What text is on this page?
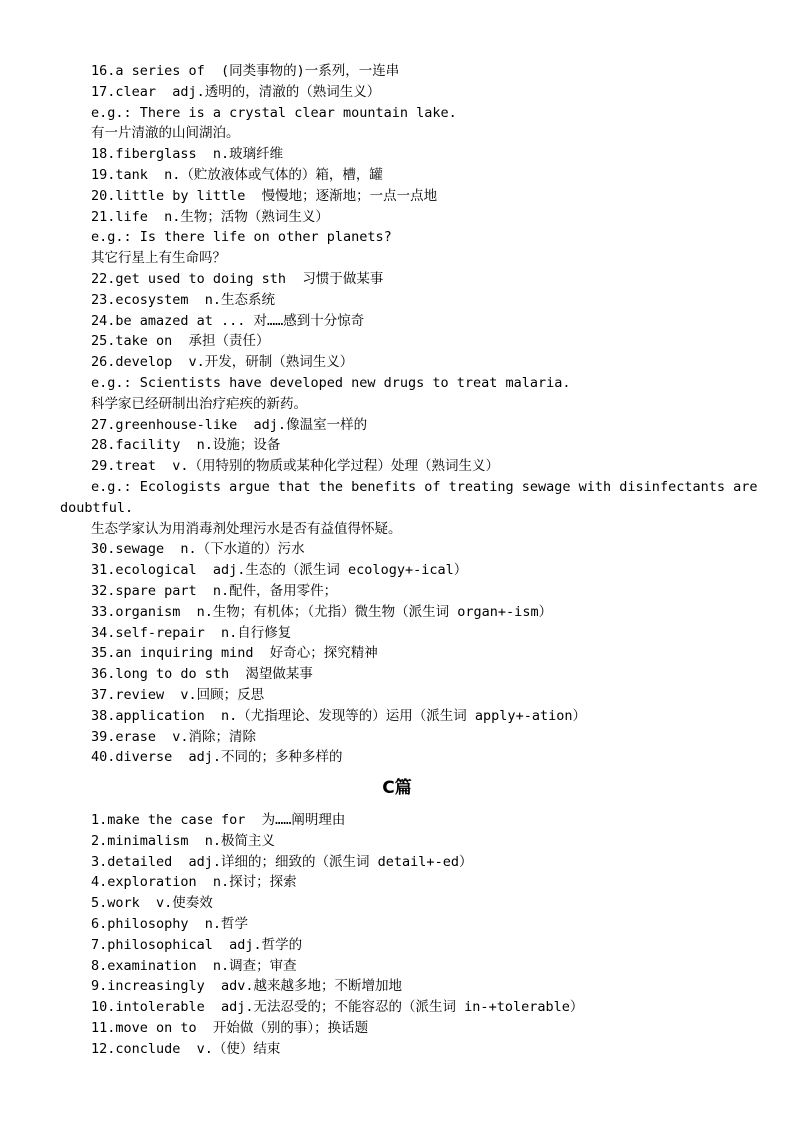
16.a series of  (同类事物的)一系列，一连串
17.clear  adj.透明的，清澈的（熟词生义）
e.g.: There is a crystal clear mountain lake.
有一片清澈的山间湖泊。
18.fiberglass  n.玻璃纤维
19.tank  n.（贮放液体或气体的）箱，槽，罐
20.little by little  慢慢地；逐渐地；一点一点地
21.life  n.生物；活物（熟词生义）
e.g.: Is there life on other planets?
其它行星上有生命吗？
22.get used to doing sth  习惯于做某事
23.ecosystem  n.生态系统
24.be amazed at ... 对……感到十分惊奇
25.take on  承担（责任）
26.develop  v.开发，研制（熟词生义）
e.g.: Scientists have developed new drugs to treat malaria.
科学家已经研制出治疗疟疾的新药。
27.greenhouse-like  adj.像温室一样的
28.facility  n.设施；设备
29.treat  v.（用特别的物质或某种化学过程）处理（熟词生义）
e.g.: Ecologists argue that the benefits of treating sewage with disinfectants are
doubtful.
生态学家认为用消毒剂处理污水是否有益值得怀疑。
30.sewage  n.（下水道的）污水
31.ecological  adj.生态的（派生词 ecology+-ical）
32.spare part  n.配件，备用零件；
33.organism  n.生物；有机体；（尤指）微生物（派生词 organ+-ism）
34.self-repair  n.自行修复
35.an inquiring mind  好奇心；探究精神
36.long to do sth  渴望做某事
37.review  v.回顾；反思
38.application  n.（尤指理论、发现等的）运用（派生词 apply+-ation）
39.erase  v.消除；清除
40.diverse  adj.不同的；多种多样的
C篇
1.make the case for  为……阐明理由
2.minimalism  n.极简主义
3.detailed  adj.详细的；细致的（派生词 detail+-ed）
4.exploration  n.探讨；探索
5.work  v.使奏效
6.philosophy  n.哲学
7.philosophical  adj.哲学的
8.examination  n.调查；审查
9.increasingly  adv.越来越多地；不断增加地
10.intolerable  adj.无法忍受的；不能容忍的（派生词 in-+tolerable）
11.move on to  开始做（别的事）；换话题
12.conclude  v.（使）结束
